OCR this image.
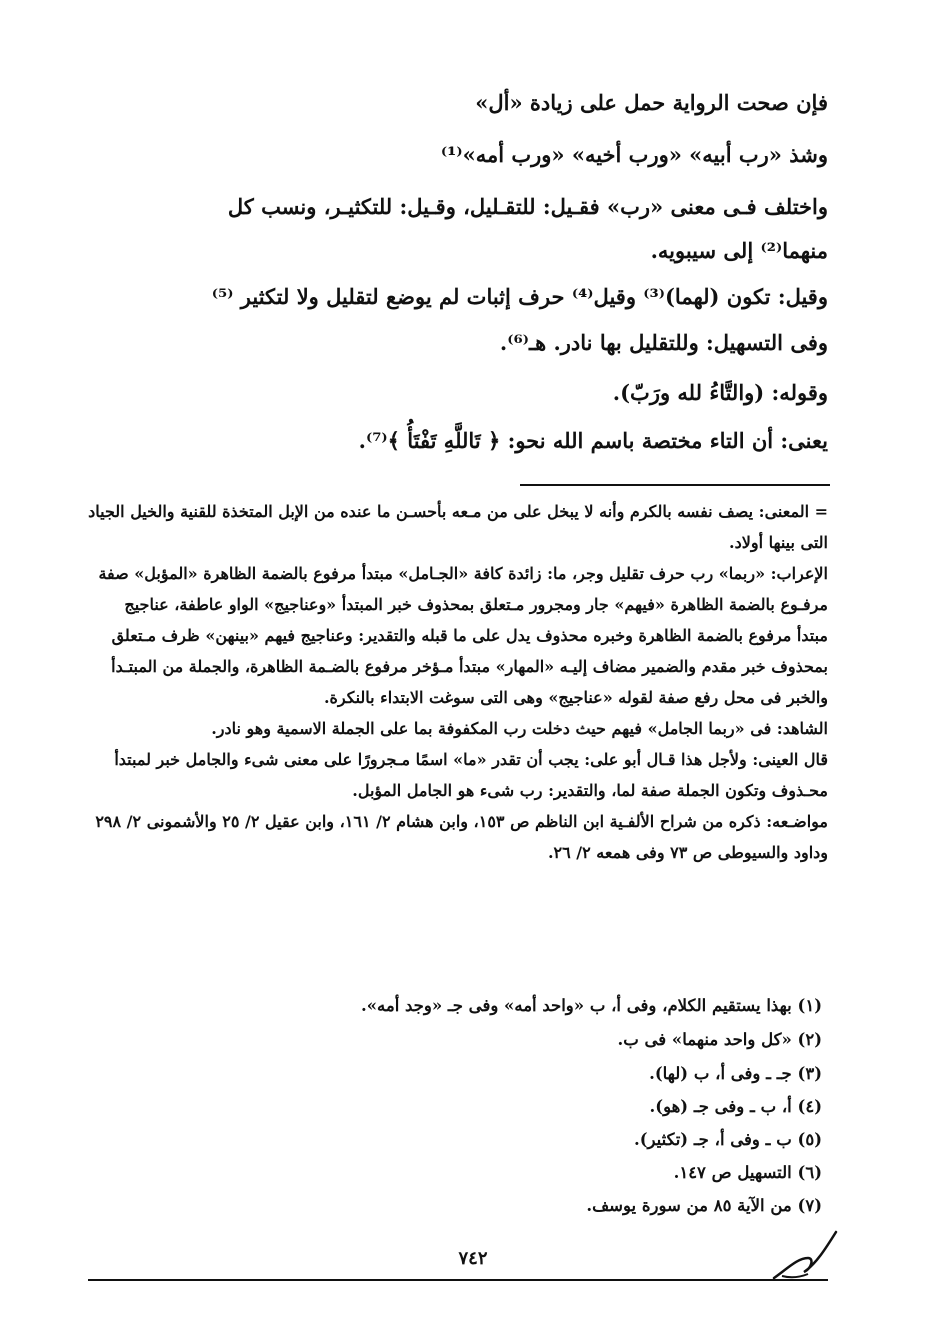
فإن صحت الرواية حمل على زيادة «أل»
وشذ «رب أبيه» «ورب أخيه» «ورب أمه»⁽¹⁾
واختلف فـى معنى «رب» فقـيل: للتقـليل، وقـيل: للتكثيـر، ونسب كل
منهما⁽²⁾ إلى سيبويه.
وقيل: تكون (لهما)⁽³⁾ وقيل⁽⁴⁾ حرف إثبات لم يوضع لتقليل ولا لتكثير ⁽⁵⁾
وفى التسهيل: وللتقليل بها نادر. هـ⁽⁶⁾.
وقوله: (والتَّاءُ لله ورَبّ).
يعنى: أن التاء مختصة باسم الله نحو: ﴿ تَاللَّهِ تَفْتَأُ ﴾⁽⁷⁾.

= المعنى: يصف نفسه بالكرم وأنه لا يبخل على من مـعه بأحسـن ما عنده من الإبل المتخذة للقنية والخيل الجياد التى بينها أولاد.

الإعراب: «ربما» رب حرف تقليل وجر، ما: زائدة كافة «الجـامل» مبتدأ مرفوع بالضمة الظاهرة «المؤبل» صفة مرفـوع بالضمة الظاهرة «فيهم» جار ومجرور مـتعلق بمحذوف خبر المبتدأ «وعناجيج» الواو عاطفة، عناجيج مبتدأ مرفوع بالضمة الظاهرة وخبره محذوف يدل على ما قبله والتقدير: وعناجيج فيهم «بينهن» ظرف مـتعلق بمحذوف خبر مقدم والضمير مضاف إليـه «المهار» مبتدأ مـؤخر مرفوع بالضـمة الظاهرة، والجملة من المبتـدأ والخبر فى محل رفع صفة لقوله «عناجيج» وهى التى سوغت الابتداء بالنكرة.

الشاهد: فى «ربما الجامل» فيهم حيث دخلت رب المكفوفة بما على الجملة الاسمية وهو نادر.

قال العينى: ولأجل هذا قـال أبو على: يجب أن تقدر «ما» اسمًا مـجرورًا على معنى شىء والجامل خبر لمبتدأ محـذوف وتكون الجملة صفة لما، والتقدير: رب شىء هو الجامل المؤبل.

مواضـعه: ذكره من شراح الألفـية ابن الناظم ص ١٥٣، وابن هشام ٢/ ١٦١، وابن عقيل ٢/ ٢٥ والأشمونى ٢/ ٢٩٨ وداود والسيوطى ص ٧٣ وفى همعه ٢/ ٢٦.

(١) بهذا يستقيم الكلام، وفى أ، ب «واحد أمه» وفى جـ «وجد أمه».
(٢) «كل واحد منهما» فى ب.
(٣) جـ ـ وفى أ، ب (لها).
(٤) أ، ب ـ وفى جـ (هو).
(٥) ب ـ وفى أ، جـ (تكثير).
(٦) التسهيل ص ١٤٧.
(٧) من الآية ٨٥ من سورة يوسف.
٧٤٢
